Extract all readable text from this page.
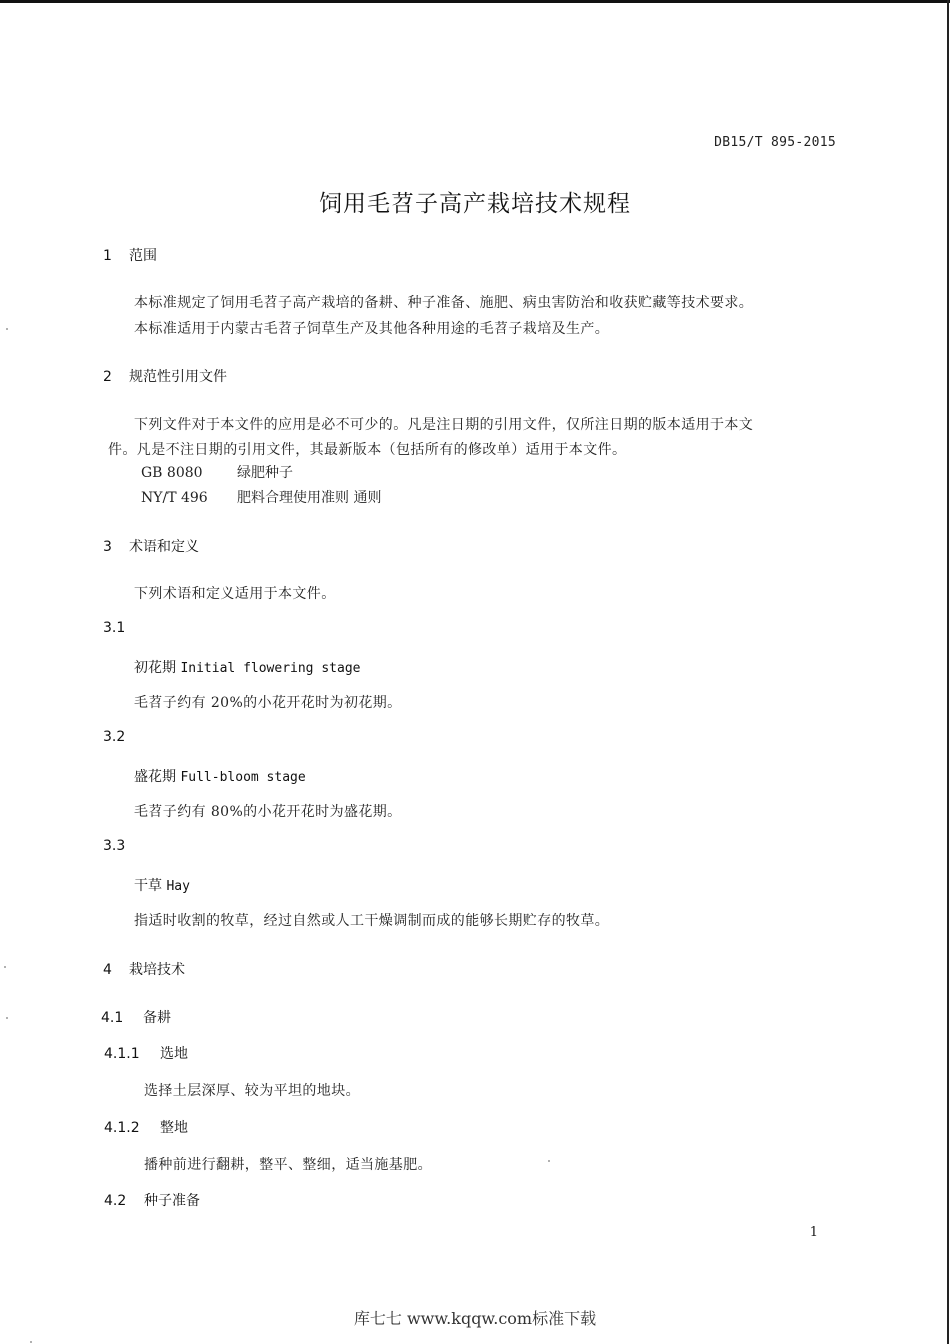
DB15/T 895-2015
饲用毛苕子高产栽培技术规程
1 范围
本标准规定了饲用毛苕子高产栽培的备耕、种子准备、施肥、病虫害防治和收获贮藏等技术要求。
本标准适用于内蒙古毛苕子饲草生产及其他各种用途的毛苕子栽培及生产。
2 规范性引用文件
下列文件对于本文件的应用是必不可少的。凡是注日期的引用文件，仅所注日期的版本适用于本文
件。凡是不注日期的引用文件，其最新版本（包括所有的修改单）适用于本文件。
GB 8080 绿肥种子
NY/T 496 肥料合理使用准则 通则
3 术语和定义
下列术语和定义适用于本文件。
3.1
初花期 Initial flowering stage
毛苕子约有 20%的小花开花时为初花期。
3.2
盛花期 Full-bloom stage
毛苕子约有 80%的小花开花时为盛花期。
3.3
干草 Hay
指适时收割的牧草，经过自然或人工干燥调制而成的能够长期贮存的牧草。
4 栽培技术
4.1 备耕
4.1.1 选地
选择土层深厚、较为平坦的地块。
4.1.2 整地
播种前进行翻耕，整平、整细，适当施基肥。
4.2 种子准备
1
库七七 www.kqqw.com标准下载
